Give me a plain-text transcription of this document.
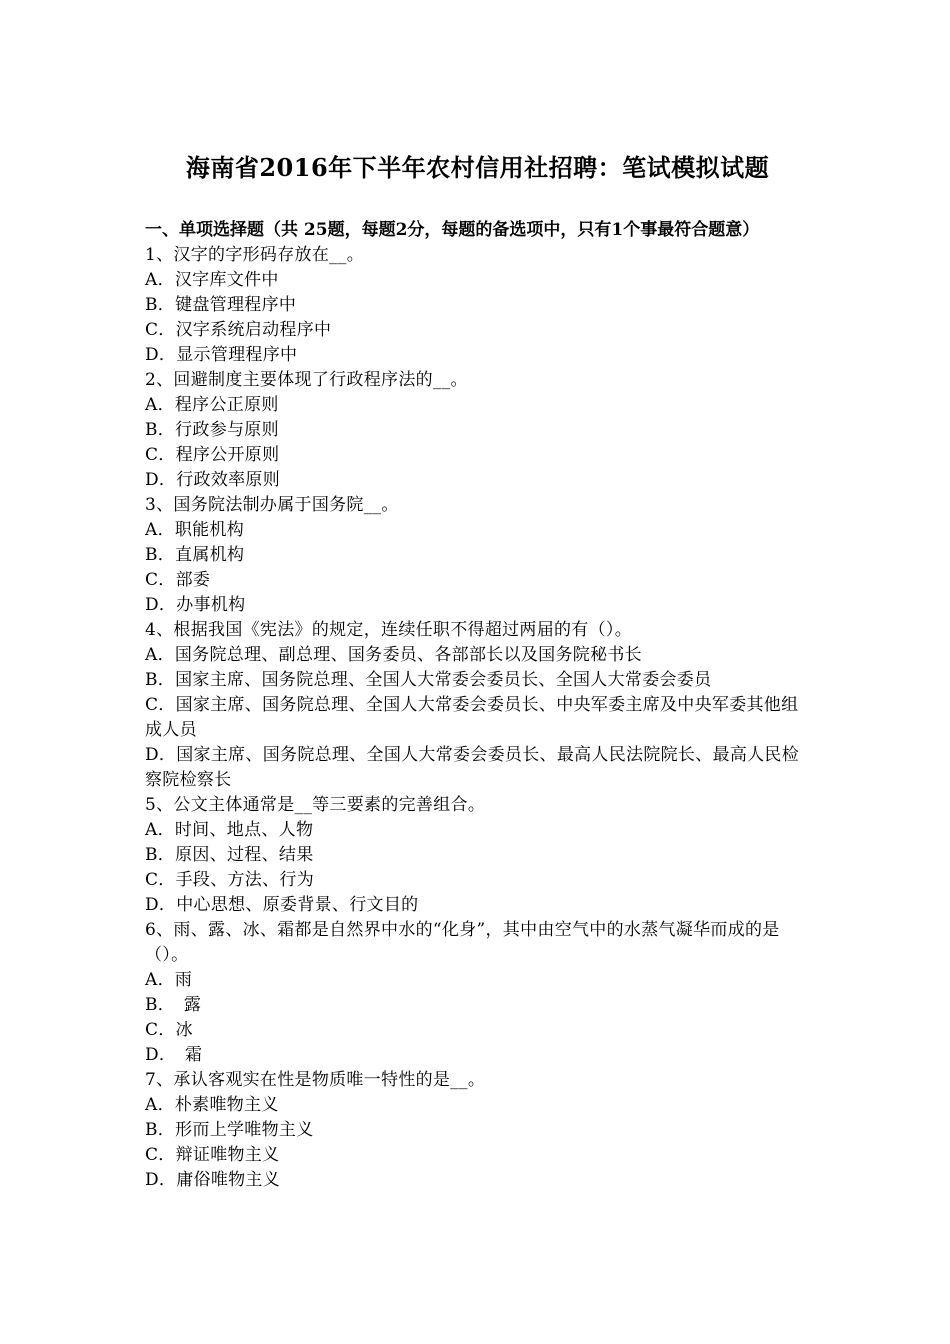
海南省2016年下半年农村信用社招聘：笔试模拟试题

一、单项选择题（共 25题，每题2分，每题的备选项中，只有1个事最符合题意）

1、汉字的字形码存放在__。

A．汉字库文件中

B．键盘管理程序中

C．汉字系统启动程序中

D．显示管理程序中

2、回避制度主要体现了行政程序法的__。

A．程序公正原则

B．行政参与原则

C．程序公开原则

D．行政效率原则

3、国务院法制办属于国务院__。

A．职能机构

B．直属机构

C．部委

D．办事机构

4、根据我国《宪法》的规定，连续任职不得超过两届的有（）。

A．国务院总理、副总理、国务委员、各部部长以及国务院秘书长

B．国家主席、国务院总理、全国人大常委会委员长、全国人大常委会委员

C．国家主席、国务院总理、全国人大常委会委员长、中央军委主席及中央军委其他组成人员

D．国家主席、国务院总理、全国人大常委会委员长、最高人民法院院长、最高人民检察院检察长

5、公文主体通常是__等三要素的完善组合。

A．时间、地点、人物

B．原因、过程、结果

C．手段、方法、行为

D．中心思想、原委背景、行文目的

6、雨、露、冰、霜都是自然界中水的“化身”，其中由空气中的水蒸气凝华而成的是（）。

A．雨

B．　露

C．冰

D．　霜

7、承认客观实在性是物质唯一特性的是__。

A．朴素唯物主义

B．形而上学唯物主义

C．辩证唯物主义

D．庸俗唯物主义
